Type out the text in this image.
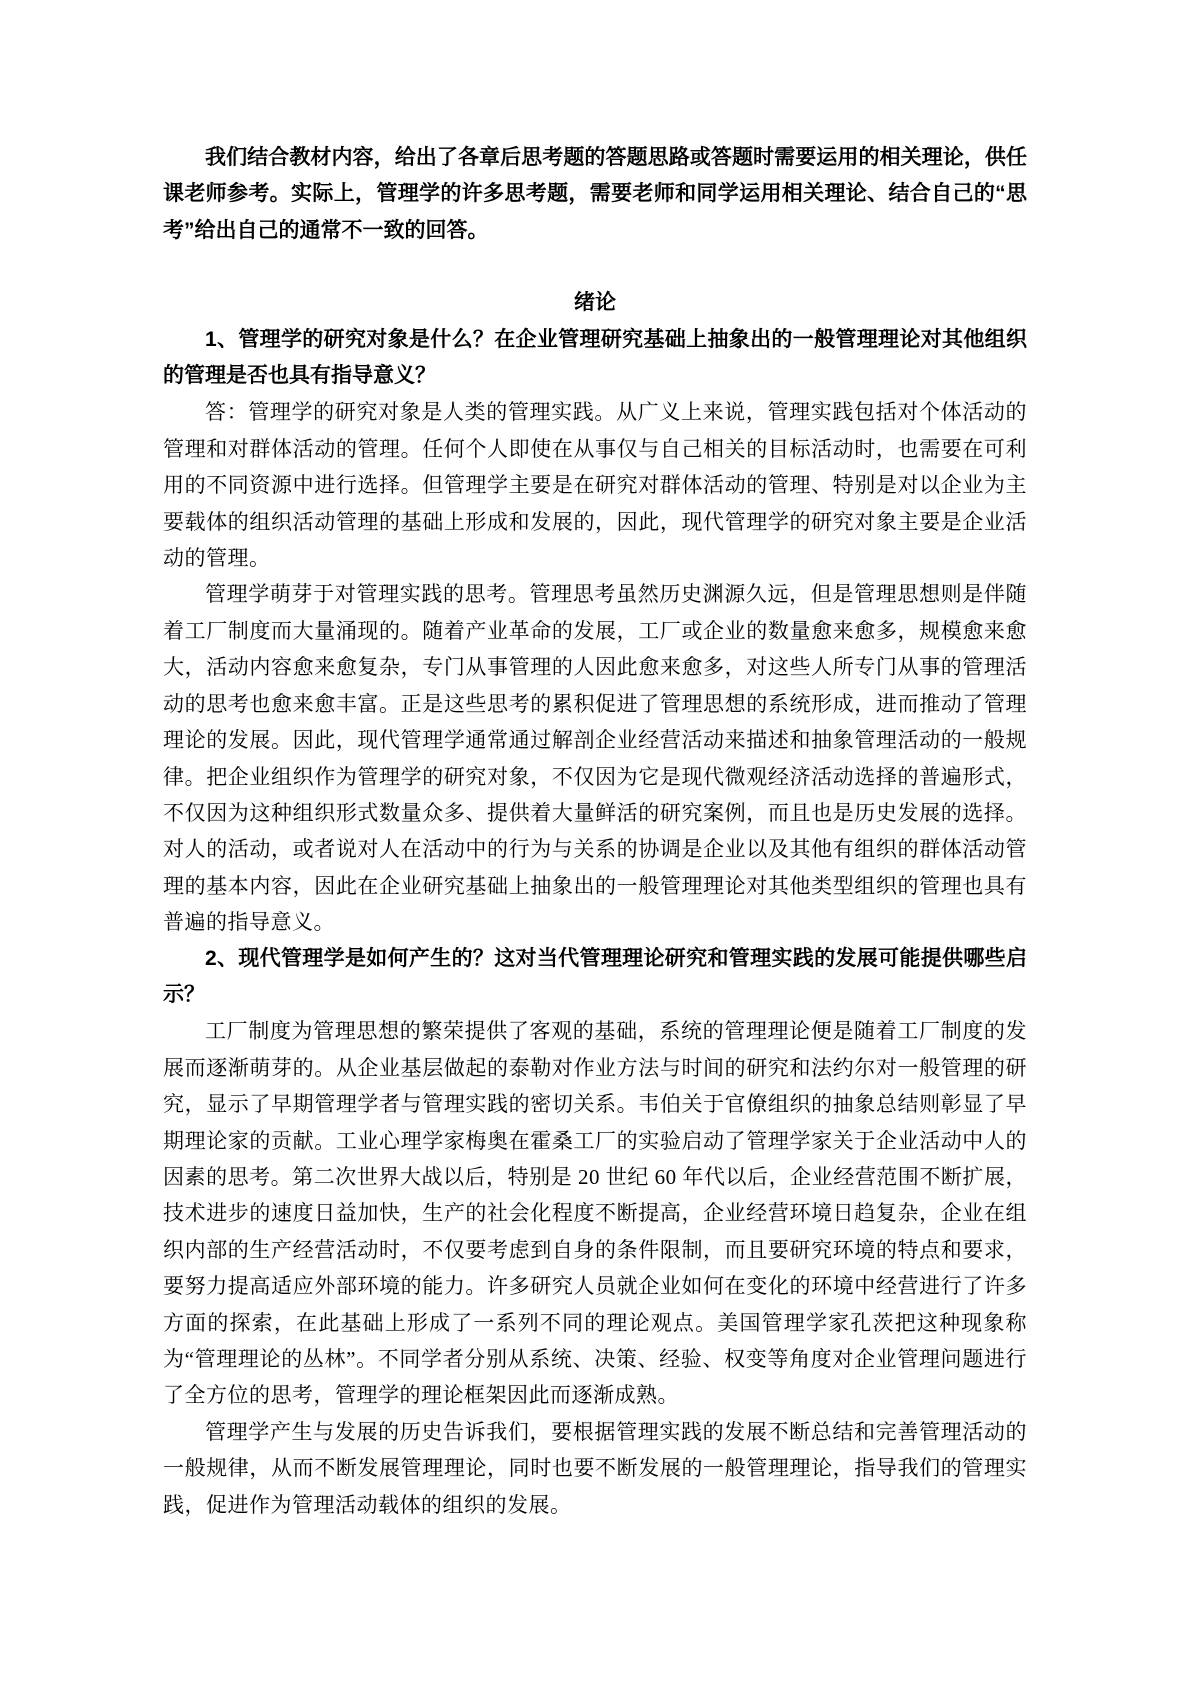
我们结合教材内容，给出了各章后思考题的答题思路或答题时需要运用的相关理论，供任课老师参考。实际上，管理学的许多思考题，需要老师和同学运用相关理论、结合自己的“思考”给出自己的通常不一致的回答。

绪论

1、管理学的研究对象是什么？在企业管理研究基础上抽象出的一般管理理论对其他组织的管理是否也具有指导意义？

答：管理学的研究对象是人类的管理实践。从广义上来说，管理实践包括对个体活动的管理和对群体活动的管理。任何个人即使在从事仅与自己相关的目标活动时，也需要在可利用的不同资源中进行选择。但管理学主要是在研究对群体活动的管理、特别是对以企业为主要载体的组织活动管理的基础上形成和发展的，因此，现代管理学的研究对象主要是企业活动的管理。

管理学萌芽于对管理实践的思考。管理思考虽然历史渊源久远，但是管理思想则是伴随着工厂制度而大量涌现的。随着产业革命的发展，工厂或企业的数量愈来愈多，规模愈来愈大，活动内容愈来愈复杂，专门从事管理的人因此愈来愈多，对这些人所专门从事的管理活动的思考也愈来愈丰富。正是这些思考的累积促进了管理思想的系统形成，进而推动了管理理论的发展。因此，现代管理学通常通过解剖企业经营活动来描述和抽象管理活动的一般规律。把企业组织作为管理学的研究对象，不仅因为它是现代微观经济活动选择的普遍形式，不仅因为这种组织形式数量众多、提供着大量鲜活的研究案例，而且也是历史发展的选择。对人的活动，或者说对人在活动中的行为与关系的协调是企业以及其他有组织的群体活动管理的基本内容，因此在企业研究基础上抽象出的一般管理理论对其他类型组织的管理也具有普遍的指导意义。

2、现代管理学是如何产生的？这对当代管理理论研究和管理实践的发展可能提供哪些启示？

工厂制度为管理思想的繁荣提供了客观的基础，系统的管理理论便是随着工厂制度的发展而逐渐萌芽的。从企业基层做起的泰勒对作业方法与时间的研究和法约尔对一般管理的研究，显示了早期管理学者与管理实践的密切关系。韦伯关于官僚组织的抽象总结则彰显了早期理论家的贡献。工业心理学家梅奥在霍桑工厂的实验启动了管理学家关于企业活动中人的因素的思考。第二次世界大战以后，特别是 20 世纪 60 年代以后，企业经营范围不断扩展，技术进步的速度日益加快，生产的社会化程度不断提高，企业经营环境日趋复杂，企业在组织内部的生产经营活动时，不仅要考虑到自身的条件限制，而且要研究环境的特点和要求，要努力提高适应外部环境的能力。许多研究人员就企业如何在变化的环境中经营进行了许多方面的探索，在此基础上形成了一系列不同的理论观点。美国管理学家孔茨把这种现象称为“管理理论的丛林”。不同学者分别从系统、决策、经验、权变等角度对企业管理问题进行了全方位的思考，管理学的理论框架因此而逐渐成熟。

管理学产生与发展的历史告诉我们，要根据管理实践的发展不断总结和完善管理活动的一般规律，从而不断发展管理理论，同时也要不断发展的一般管理理论，指导我们的管理实践，促进作为管理活动载体的组织的发展。
